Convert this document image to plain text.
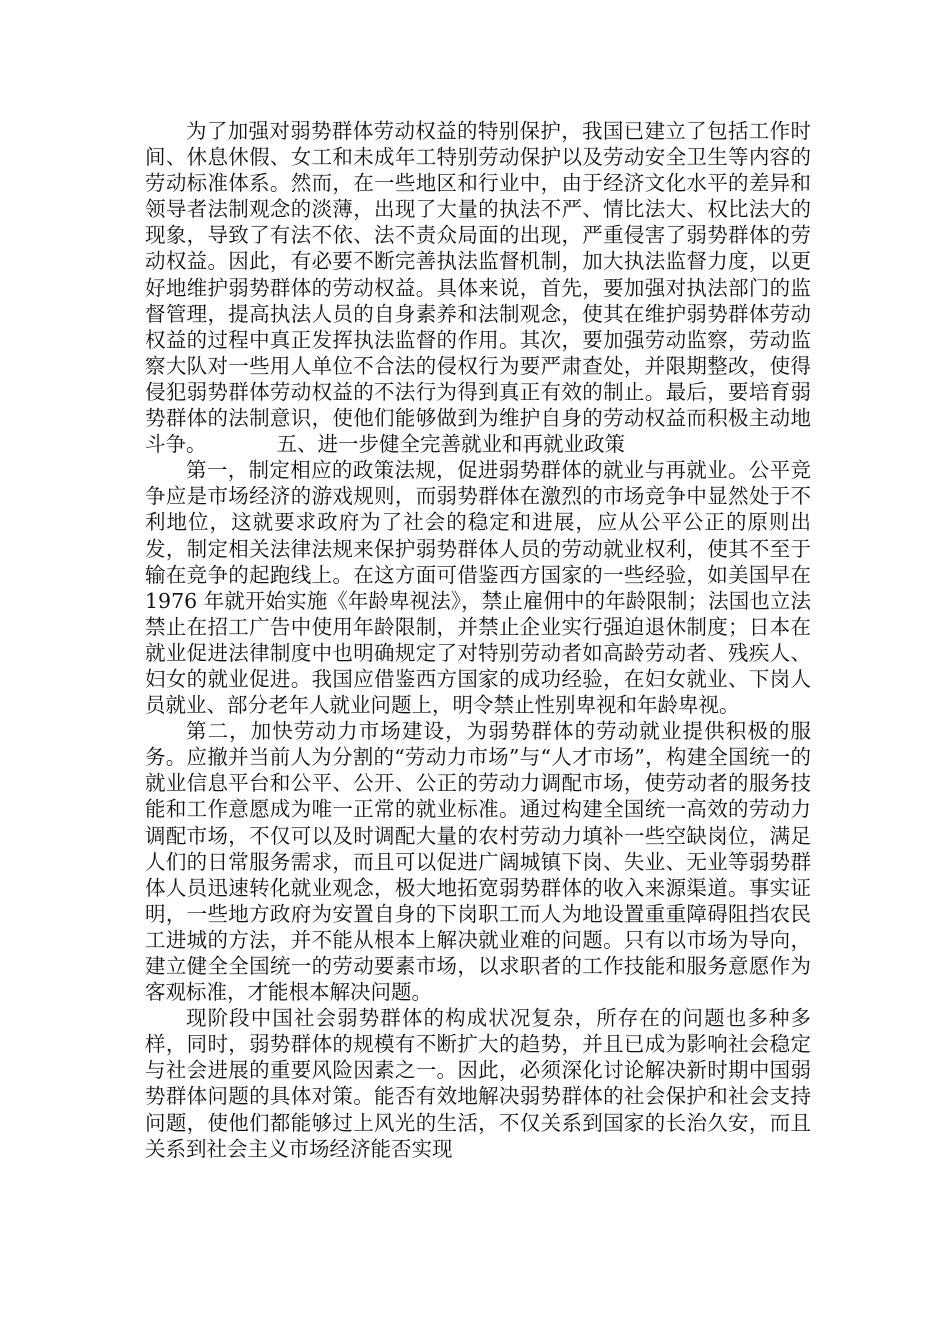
为了加强对弱势群体劳动权益的特别保护，我国已建立了包括工作时间、休息休假、女工和未成年工特别劳动保护以及劳动安全卫生等内容的劳动标准体系。然而，在一些地区和行业中，由于经济文化水平的差异和领导者法制观念的淡薄，出现了大量的执法不严、情比法大、权比法大的现象，导致了有法不依、法不责众局面的出现，严重侵害了弱势群体的劳动权益。因此，有必要不断完善执法监督机制，加大执法监督力度，以更好地维护弱势群体的劳动权益。具体来说，首先，要加强对执法部门的监督管理，提高执法人员的自身素养和法制观念，使其在维护弱势群体劳动权益的过程中真正发挥执法监督的作用。其次，要加强劳动监察，劳动监察大队对一些用人单位不合法的侵权行为要严肃查处，并限期整改，使得侵犯弱势群体劳动权益的不法行为得到真正有效的制止。最后，要培育弱势群体的法制意识，使他们能够做到为维护自身的劳动权益而积极主动地斗争。	五、进一步健全完善就业和再就业政策

第一，制定相应的政策法规，促进弱势群体的就业与再就业。公平竞争应是市场经济的游戏规则，而弱势群体在激烈的市场竞争中显然处于不利地位，这就要求政府为了社会的稳定和进展，应从公平公正的原则出发，制定相关法律法规来保护弱势群体人员的劳动就业权利，使其不至于输在竞争的起跑线上。在这方面可借鉴西方国家的一些经验，如美国早在 1976 年就开始实施《年龄卑视法》，禁止雇佣中的年龄限制；法国也立法禁止在招工广告中使用年龄限制，并禁止企业实行强迫退休制度；日本在就业促进法律制度中也明确规定了对特别劳动者如高龄劳动者、残疾人、妇女的就业促进。我国应借鉴西方国家的成功经验，在妇女就业、下岗人员就业、部分老年人就业问题上，明令禁止性别卑视和年龄卑视。

第二，加快劳动力市场建设，为弱势群体的劳动就业提供积极的服务。应撤并当前人为分割的“劳动力市场”与“人才市场”，构建全国统一的就业信息平台和公平、公开、公正的劳动力调配市场，使劳动者的服务技能和工作意愿成为唯一正常的就业标准。通过构建全国统一高效的劳动力调配市场，不仅可以及时调配大量的农村劳动力填补一些空缺岗位，满足人们的日常服务需求，而且可以促进广阔城镇下岗、失业、无业等弱势群体人员迅速转化就业观念，极大地拓宽弱势群体的收入来源渠道。事实证明，一些地方政府为安置自身的下岗职工而人为地设置重重障碍阻挡农民工进城的方法，并不能从根本上解决就业难的问题。只有以市场为导向，建立健全全国统一的劳动要素市场，以求职者的工作技能和服务意愿作为客观标准，才能根本解决问题。

现阶段中国社会弱势群体的构成状况复杂，所存在的问题也多种多样，同时，弱势群体的规模有不断扩大的趋势，并且已成为影响社会稳定与社会进展的重要风险因素之一。因此，必须深化讨论解决新时期中国弱势群体问题的具体对策。能否有效地解决弱势群体的社会保护和社会支持问题，使他们都能够过上风光的生活，不仅关系到国家的长治久安，而且关系到社会主义市场经济能否实现
